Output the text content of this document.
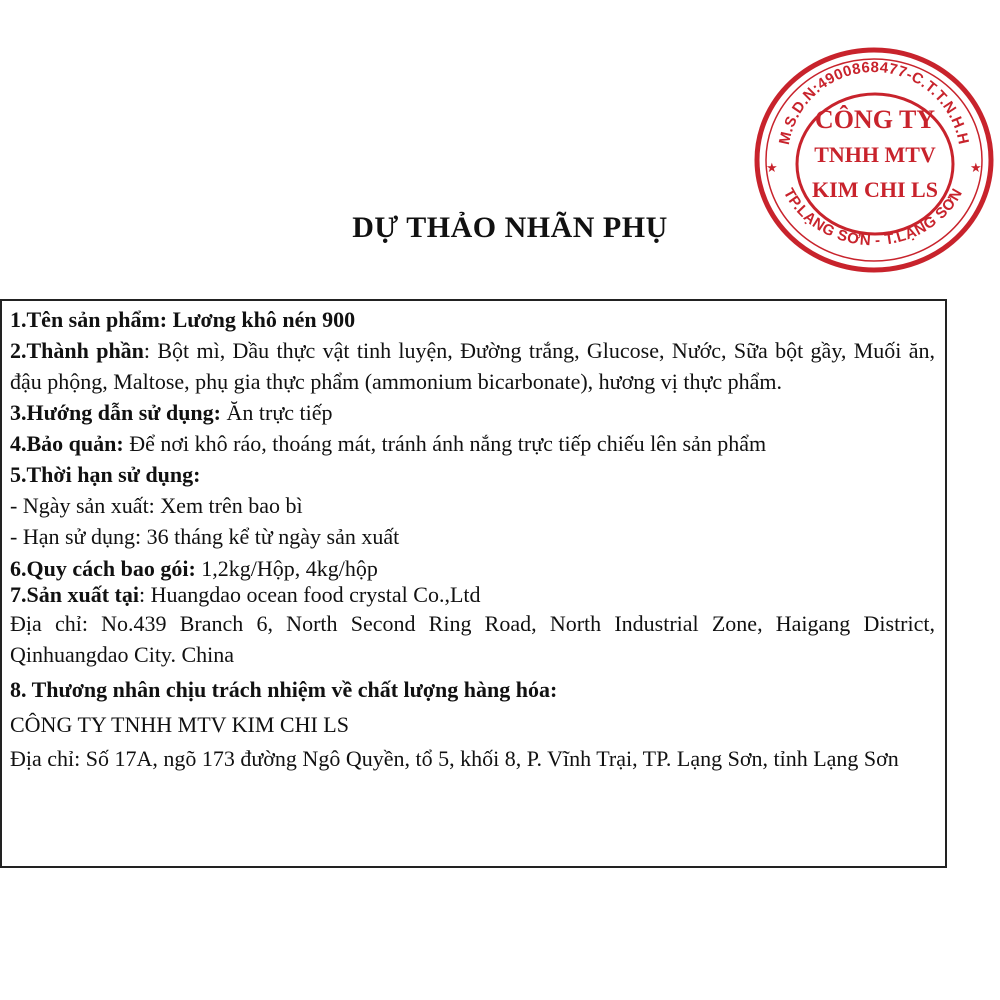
M.S.D.N:4900868477-C.T.T.N.H.H
TP.LẠNG SƠN - T.LẠNG SƠN
★	★
CÔNG TY
TNHH MTV
KIM CHI LS
DỰ THẢO NHÃN PHỤ

1.Tên sản phẩm: Lương khô nén 900

2.Thành phần: Bột mì, Dầu thực vật tinh luyện, Đường trắng, Glucose, Nước, Sữa bột gầy, Muối ăn, đậu phộng, Maltose, phụ gia thực phẩm (ammonium bicarbonate), hương vị thực phẩm.

3.Hướng dẫn sử dụng: Ăn trực tiếp

4.Bảo quản: Để nơi khô ráo, thoáng mát, tránh ánh nắng trực tiếp chiếu lên sản phẩm

5.Thời hạn sử dụng:

- Ngày sản xuất: Xem trên bao bì

- Hạn sử dụng: 36 tháng kể từ ngày sản xuất

6.Quy cách bao gói: 1,2kg/Hộp, 4kg/hộp

7.Sản xuất tại: Huangdao ocean food crystal Co.,Ltd

Địa chỉ: No.439 Branch 6, North Second Ring Road, North Industrial Zone, Haigang District, Qinhuangdao City. China

8. Thương nhân chịu trách nhiệm về chất lượng hàng hóa:

CÔNG TY TNHH MTV KIM CHI LS

Địa chỉ: Số 17A, ngõ 173 đường Ngô Quyền, tổ 5, khối 8, P. Vĩnh Trại, TP. Lạng Sơn, tỉnh Lạng Sơn
